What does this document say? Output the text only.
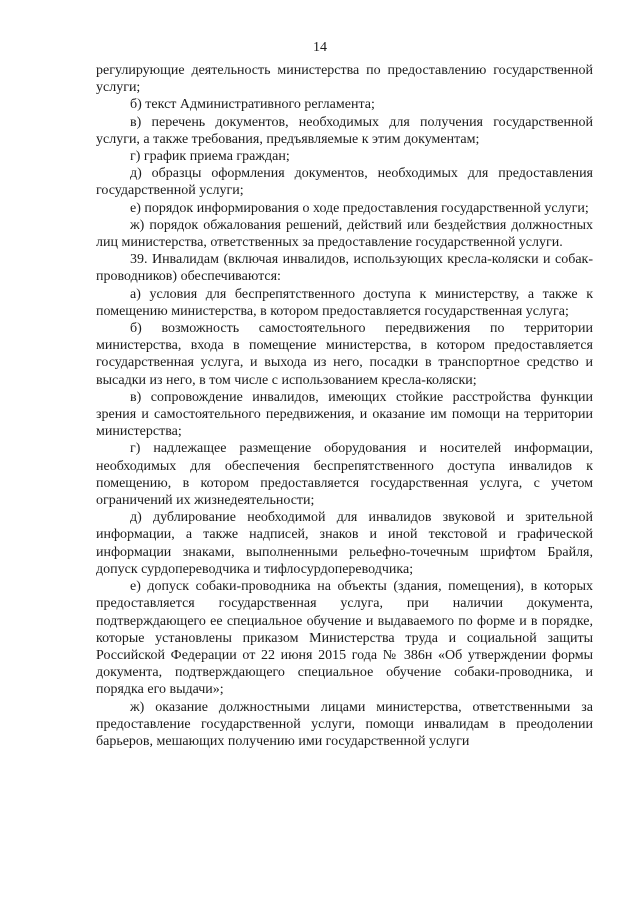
14

регулирующие деятельность министерства по предоставлению государственной услуги;

б) текст Административного регламента;

в) перечень документов, необходимых для получения государственной услуги, а также требования, предъявляемые к этим документам;

г) график приема граждан;

д) образцы оформления документов, необходимых для предоставления государственной услуги;

е) порядок информирования о ходе предоставления государственной услуги;

ж) порядок обжалования решений, действий или бездействия должностных лиц министерства, ответственных за предоставление государственной услуги.

39. Инвалидам (включая инвалидов, использующих кресла-коляски и собак-проводников) обеспечиваются:

а) условия для беспрепятственного доступа к министерству, а также к помещению министерства, в котором предоставляется государственная услуга;

б) возможность самостоятельного передвижения по территории министерства, входа в помещение министерства, в котором предоставляется государственная услуга, и выхода из него, посадки в транспортное средство и высадки из него, в том числе с использованием кресла-коляски;

в) сопровождение инвалидов, имеющих стойкие расстройства функции зрения и самостоятельного передвижения, и оказание им помощи на территории министерства;

г) надлежащее размещение оборудования и носителей информации, необходимых для обеспечения беспрепятственного доступа инвалидов к помещению, в котором предоставляется государственная услуга, с учетом ограничений их жизнедеятельности;

д) дублирование необходимой для инвалидов звуковой и зрительной информации, а также надписей, знаков и иной текстовой и графической информации знаками, выполненными рельефно-точечным шрифтом Брайля, допуск сурдопереводчика и тифлосурдопереводчика;

е) допуск собаки-проводника на объекты (здания, помещения), в которых предоставляется государственная услуга, при наличии документа, подтверждающего ее специальное обучение и выдаваемого по форме и в порядке, которые установлены приказом Министерства труда и социальной защиты Российской Федерации от 22 июня 2015 года № 386н «Об утверждении формы документа, подтверждающего специальное обучение собаки-проводника, и порядка его выдачи»;

ж) оказание должностными лицами министерства, ответственными за предоставление государственной услуги, помощи инвалидам в преодолении барьеров, мешающих получению ими государственной услуги
